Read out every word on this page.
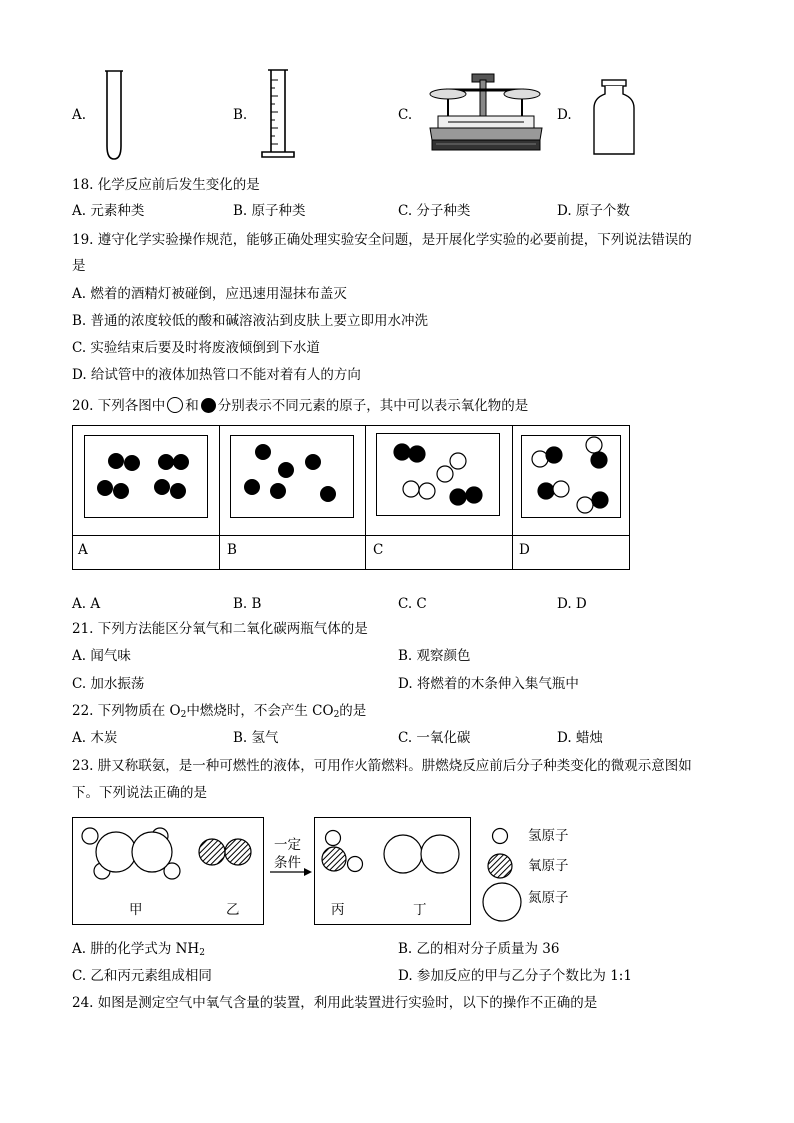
A.	B.	C.	D.
18. 化学反应前后发生变化的是
A. 元素种类	B. 原子种类	C. 分子种类	D. 原子个数
19. 遵守化学实验操作规范，能够正确处理实验安全问题，是开展化学实验的必要前提，下列说法错误的
是
A. 燃着的酒精灯被碰倒，应迅速用湿抹布盖灭
B. 普通的浓度较低的酸和碱溶液沾到皮肤上要立即用水冲洗
C. 实验结束后要及时将废液倾倒到下水道
D. 给试管中的液体加热管口不能对着有人的方向
20. 下列各图中 和 分别表示不同元素的原子，其中可以表示氧化物的是
A	B	C	D
A. A	B. B	C. C	D. D
21. 下列方法能区分氧气和二氧化碳两瓶气体的是
A. 闻气味	B. 观察颜色
C. 加水振荡	D. 将燃着的木条伸入集气瓶中
22. 下列物质在 $O_2$中燃烧时，不会产生 $CO_2$的是
A. 木炭	B. 氢气	C. 一氧化碳	D. 蜡烛
23. 肼又称联氨，是一种可燃性的液体，可用作火箭燃料。肼燃烧反应前后分子种类变化的微观示意图如
下。下列说法正确的是
甲	乙
一定
条件
丙	丁
氢原子
氧原子
氮原子
A. 肼的化学式为 $NH_2$	B. 乙的相对分子质量为 36
C. 乙和丙元素组成相同	D. 参加反应的甲与乙分子个数比为 1:1
24. 如图是测定空气中氧气含量的装置，利用此装置进行实验时，以下的操作不正确的是
